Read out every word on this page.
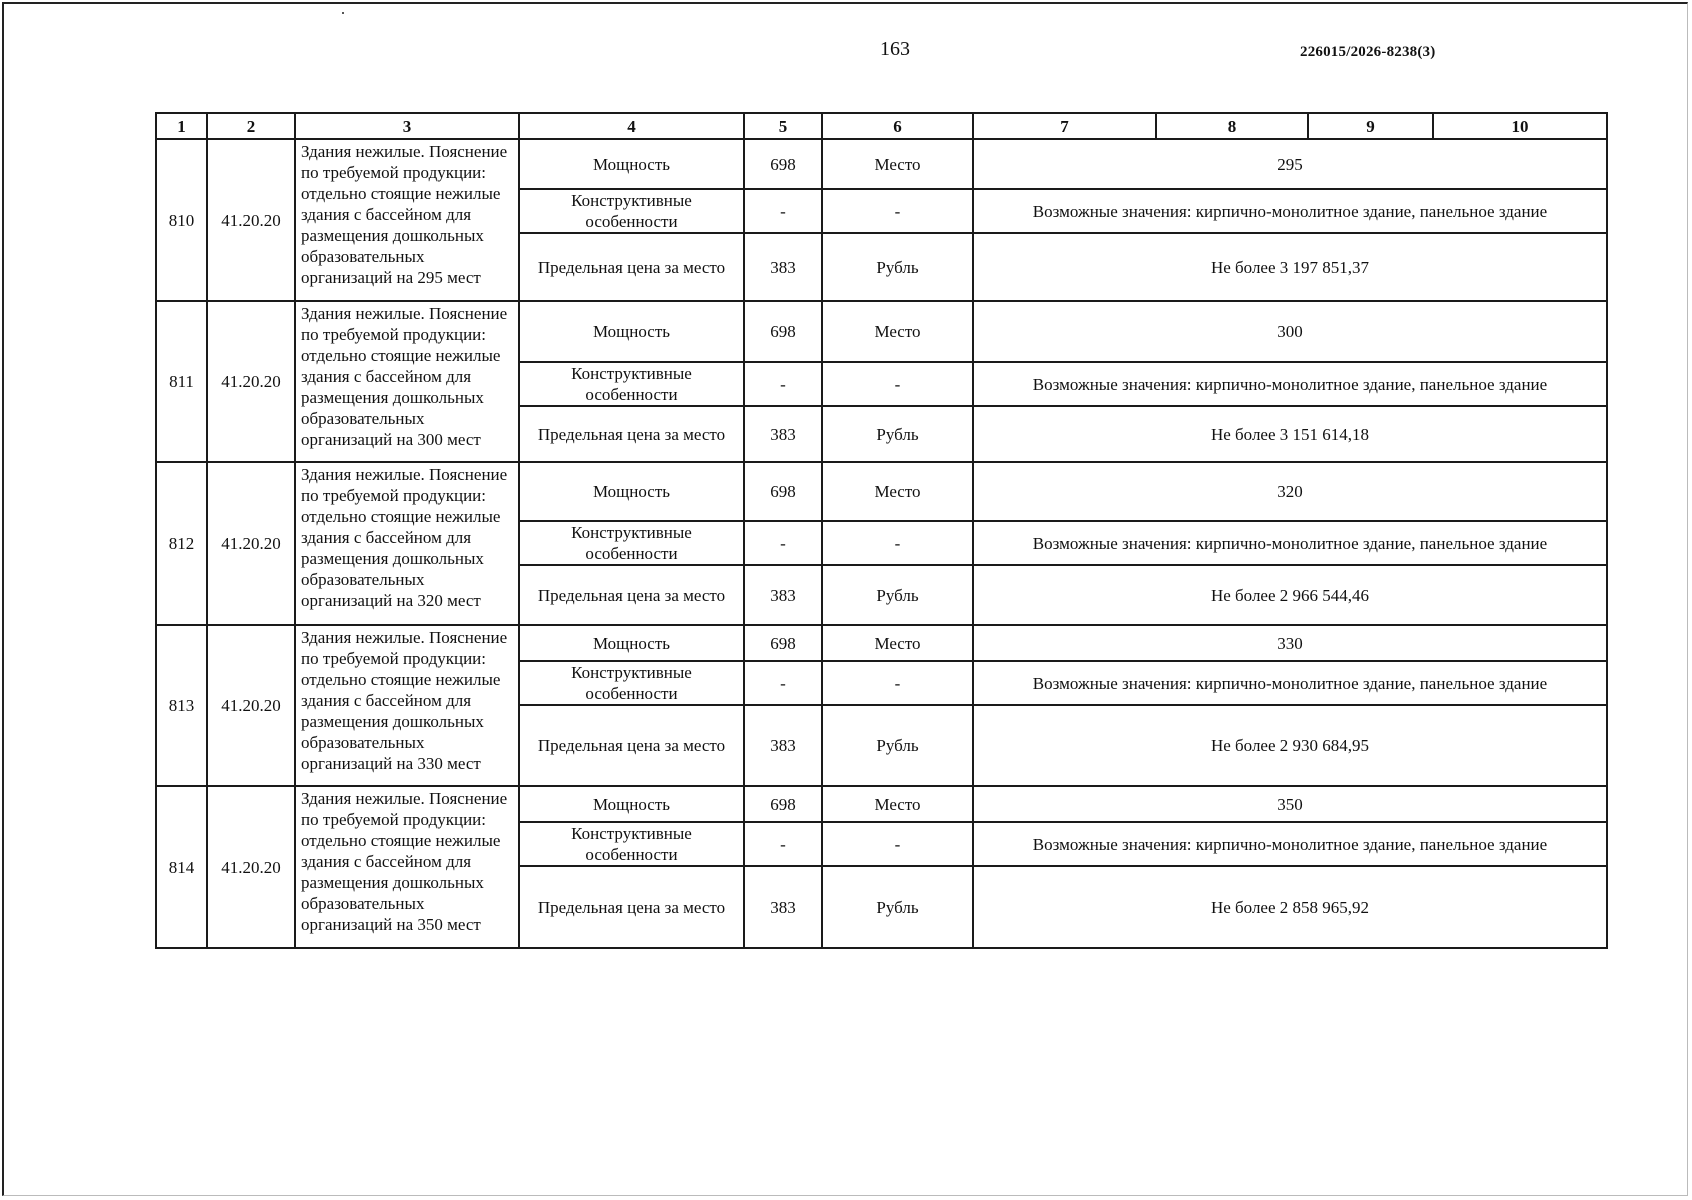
163	226015/2026-8238(3)
1	2	3	4	5	6	7	8	9	10
810	41.20.20	Здания нежилые. Пояснение по требуемой продукции: отдельно стоящие нежилые здания с бассейном для размещения дошкольных образовательных организаций на 295 мест	Мощность	698	Место	295			
			Конструктивные особенности	-	-	Возможные значения: кирпично-монолитное здание, панельное здание			
			Предельная цена за место	383	Рубль	Не более 3 197 851,37			
811	41.20.20	Здания нежилые. Пояснение по требуемой продукции: отдельно стоящие нежилые здания с бассейном для размещения дошкольных образовательных организаций на 300 мест	Мощность	698	Место	300			
			Конструктивные особенности	-	-	Возможные значения: кирпично-монолитное здание, панельное здание			
			Предельная цена за место	383	Рубль	Не более 3 151 614,18			
812	41.20.20	Здания нежилые. Пояснение по требуемой продукции: отдельно стоящие нежилые здания с бассейном для размещения дошкольных образовательных организаций на 320 мест	Мощность	698	Место	320			
			Конструктивные особенности	-	-	Возможные значения: кирпично-монолитное здание, панельное здание			
			Предельная цена за место	383	Рубль	Не более 2 966 544,46			
813	41.20.20	Здания нежилые. Пояснение по требуемой продукции: отдельно стоящие нежилые здания с бассейном для размещения дошкольных образовательных организаций на 330 мест	Мощность	698	Место	330			
			Конструктивные особенности	-	-	Возможные значения: кирпично-монолитное здание, панельное здание			
			Предельная цена за место	383	Рубль	Не более 2 930 684,95			
814	41.20.20	Здания нежилые. Пояснение по требуемой продукции: отдельно стоящие нежилые здания с бассейном для размещения дошкольных образовательных организаций на 350 мест	Мощность	698	Место	350			
			Конструктивные особенности	-	-	Возможные значения: кирпично-монолитное здание, панельное здание			
			Предельная цена за место	383	Рубль	Не более 2 858 965,92			
